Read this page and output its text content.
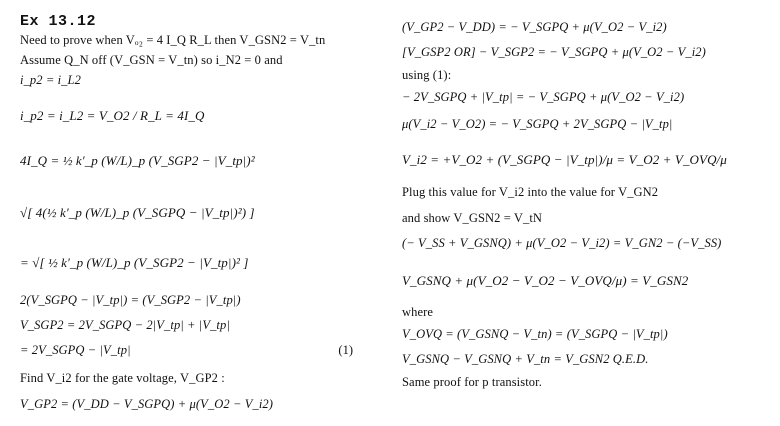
Ex 13.12
Need to prove when Vₒ₂ = 4 I_Q R_L then V_GSN2 = V_tn
Assume Q_N off (V_GSN = V_tn) so i_N2 = 0 and
i_p2 = i_L2
i_p2 = i_L2 = V_O2 / R_L = 4I_Q
4I_Q = ½ k′_p (W/L)_p (V_SGP2 − |V_tp|)²
√[ 4(½ k′_p (W/L)_p (V_SGPQ − |V_tp|)²) ]
= √[ ½ k′_p (W/L)_p (V_SGP2 − |V_tp|)² ]
2(V_SGPQ − |V_tp|) = (V_SGP2 − |V_tp|)
V_SGP2 = 2V_SGPQ − 2|V_tp| + |V_tp|
= 2V_SGPQ − |V_tp|	(1)
Find V_i2 for the gate voltage, V_GP2 :
V_GP2 = (V_DD − V_SGPQ) + μ(V_O2 − V_i2)
(V_GP2 − V_DD) = − V_SGPQ + μ(V_O2 − V_i2)
[V_GSP2 OR] − V_SGP2 = − V_SGPQ + μ(V_O2 − V_i2)
using (1):
− 2V_SGPQ + |V_tp| = − V_SGPQ + μ(V_O2 − V_i2)
μ(V_i2 − V_O2) = − V_SGPQ + 2V_SGPQ − |V_tp|
V_i2 = +V_O2 + (V_SGPQ − |V_tp|)/μ = V_O2 + V_OVQ/μ
Plug this value for V_i2 into the value for V_GN2
and show V_GSN2 = V_tN
(− V_SS + V_GSNQ) + μ(V_O2 − V_i2) = V_GN2 − (−V_SS)
V_GSNQ + μ(V_O2 − V_O2 − V_OVQ/μ) = V_GSN2
where
V_OVQ = (V_GSNQ − V_tn) = (V_SGPQ − |V_tp|)
V_GSNQ − V_GSNQ + V_tn = V_GSN2 Q.E.D.
Same proof for p transistor.
